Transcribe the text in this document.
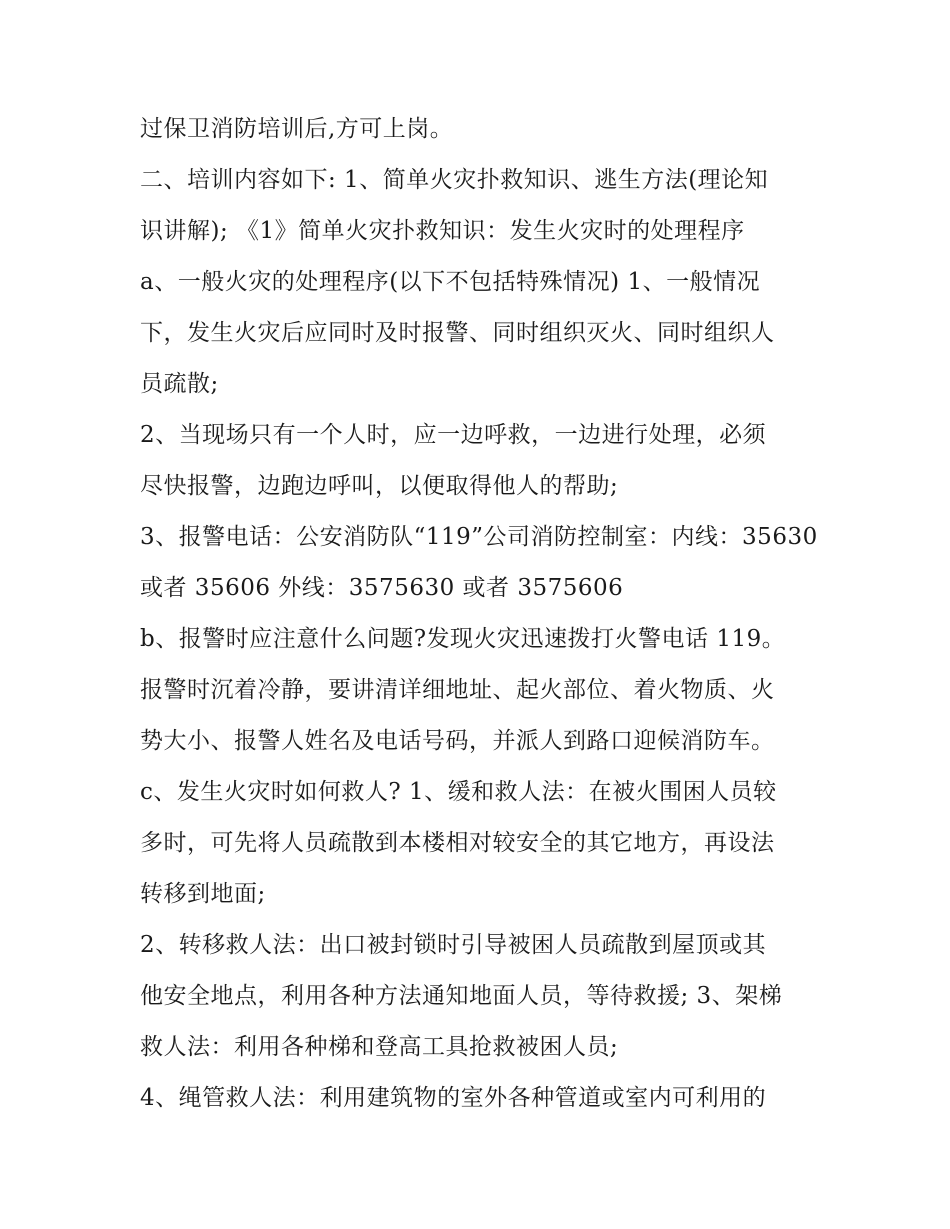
过保卫消防培训后,方可上岗。
二、培训内容如下: 1、简单火灾扑救知识、逃生方法(理论知
识讲解); 《1》简单火灾扑救知识：发生火灾时的处理程序
a、一般火灾的处理程序(以下不包括特殊情况) 1、一般情况
下，发生火灾后应同时及时报警、同时组织灭火、同时组织人
员疏散;
2、当现场只有一个人时，应一边呼救，一边进行处理，必须
尽快报警，边跑边呼叫，以便取得他人的帮助;
3、报警电话：公安消防队“119”公司消防控制室：内线：35630
或者 35606 外线：3575630 或者 3575606
b、报警时应注意什么问题?发现火灾迅速拨打火警电话 119。
报警时沉着冷静，要讲清详细地址、起火部位、着火物质、火
势大小、报警人姓名及电话号码，并派人到路口迎候消防车。
c、发生火灾时如何救人? 1、缓和救人法：在被火围困人员较
多时，可先将人员疏散到本楼相对较安全的其它地方，再设法
转移到地面;
2、转移救人法：出口被封锁时引导被困人员疏散到屋顶或其
他安全地点，利用各种方法通知地面人员，等待救援; 3、架梯
救人法：利用各种梯和登高工具抢救被困人员;
4、绳管救人法：利用建筑物的室外各种管道或室内可利用的
